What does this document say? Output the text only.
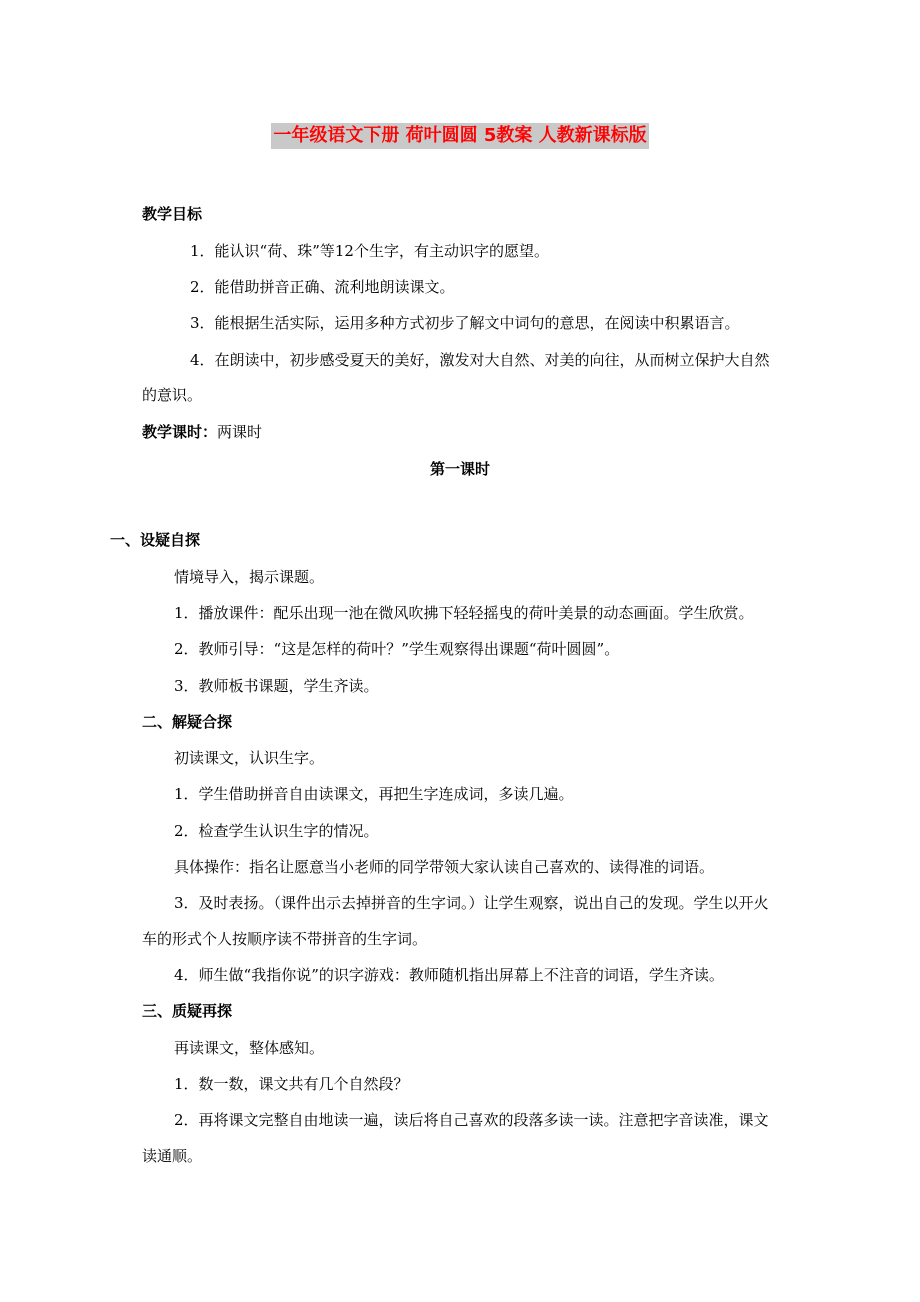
一年级语文下册 荷叶圆圆 5教案 人教新课标版
教学目标
1．能认识“荷、珠”等12个生字，有主动识字的愿望。
2．能借助拼音正确、流利地朗读课文。
3．能根据生活实际，运用多种方式初步了解文中词句的意思，在阅读中积累语言。
4．在朗读中，初步感受夏天的美好，激发对大自然、对美的向往，从而树立保护大自然
的意识。
教学课时：两课时
第一课时
一、设疑自探
情境导入，揭示课题。
1．播放课件：配乐出现一池在微风吹拂下轻轻摇曳的荷叶美景的动态画面。学生欣赏。
2．教师引导：“这是怎样的荷叶？”学生观察得出课题“荷叶圆圆”。
3．教师板书课题，学生齐读。
二、解疑合探
初读课文，认识生字。
1．学生借助拼音自由读课文，再把生字连成词，多读几遍。
2．检查学生认识生字的情况。
具体操作：指名让愿意当小老师的同学带领大家认读自己喜欢的、读得准的词语。
3．及时表扬。（课件出示去掉拼音的生字词。）让学生观察，说出自己的发现。学生以开火
车的形式个人按顺序读不带拼音的生字词。
4．师生做“我指你说”的识字游戏：教师随机指出屏幕上不注音的词语，学生齐读。
三、质疑再探
再读课文，整体感知。
1．数一数，课文共有几个自然段？
2．再将课文完整自由地读一遍，读后将自己喜欢的段落多读一读。注意把字音读准，课文
读通顺。
